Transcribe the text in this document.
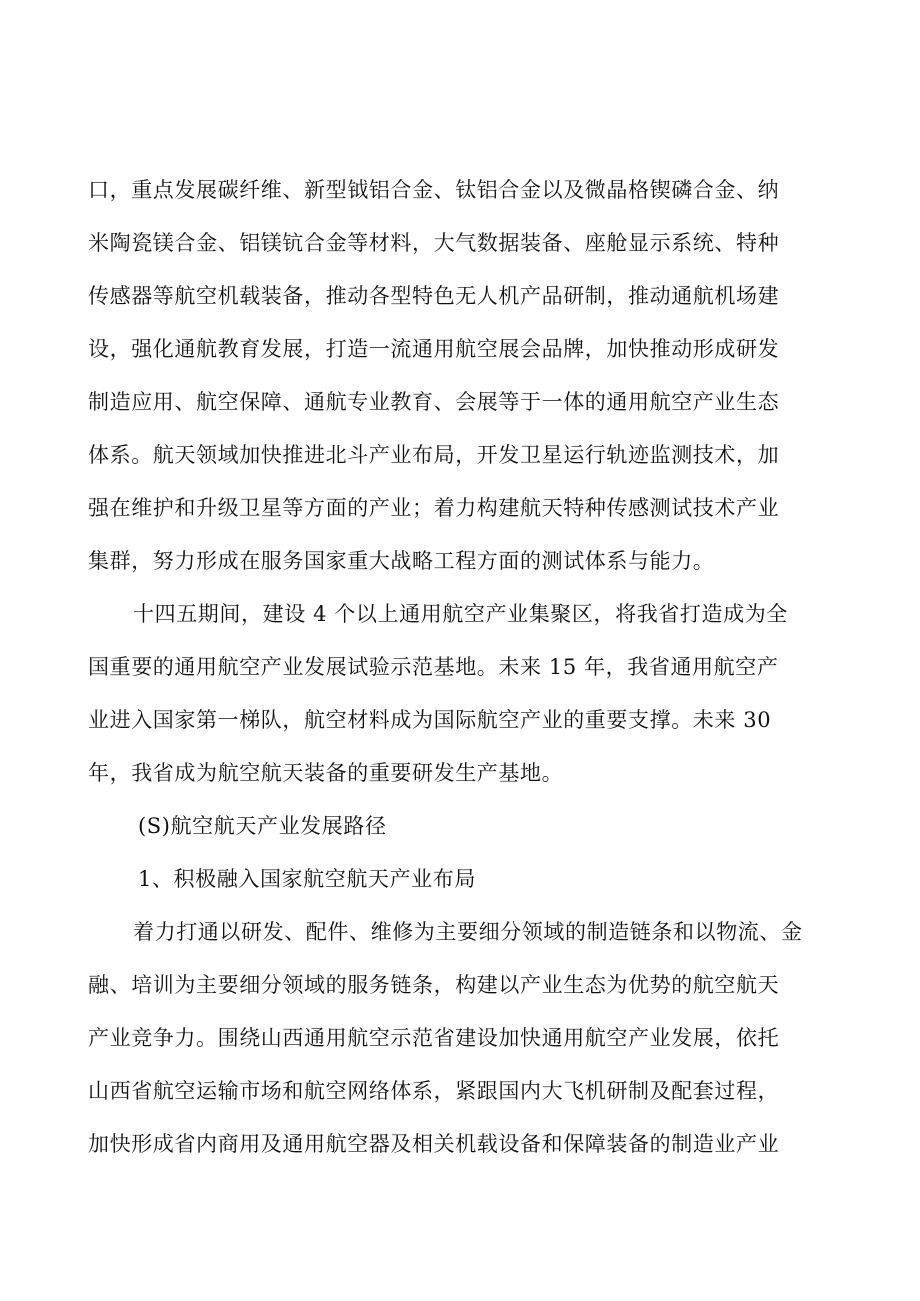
口，重点发展碳纤维、新型钺铝合金、钛铝合金以及微晶格锲磷合金、纳
米陶瓷镁合金、铝镁钪合金等材料，大气数据装备、座舱显示系统、特种
传感器等航空机载装备，推动各型特色无人机产品研制，推动通航机场建
设，强化通航教育发展，打造一流通用航空展会品牌，加快推动形成研发
制造应用、航空保障、通航专业教育、会展等于一体的通用航空产业生态
体系。航天领域加快推进北斗产业布局，开发卫星运行轨迹监测技术，加
强在维护和升级卫星等方面的产业；着力构建航天特种传感测试技术产业
集群，努力形成在服务国家重大战略工程方面的测试体系与能力。
十四五期间，建设 4 个以上通用航空产业集聚区，将我省打造成为全
国重要的通用航空产业发展试验示范基地。未来 15 年，我省通用航空产
业进入国家第一梯队，航空材料成为国际航空产业的重要支撑。未来 30
年，我省成为航空航天装备的重要研发生产基地。
(S)航空航天产业发展路径
1、积极融入国家航空航天产业布局
着力打通以研发、配件、维修为主要细分领域的制造链条和以物流、金
融、培训为主要细分领域的服务链条，构建以产业生态为优势的航空航天
产业竞争力。围绕山西通用航空示范省建设加快通用航空产业发展，依托
山西省航空运输市场和航空网络体系，紧跟国内大飞机研制及配套过程，
加快形成省内商用及通用航空器及相关机载设备和保障装备的制造业产业
